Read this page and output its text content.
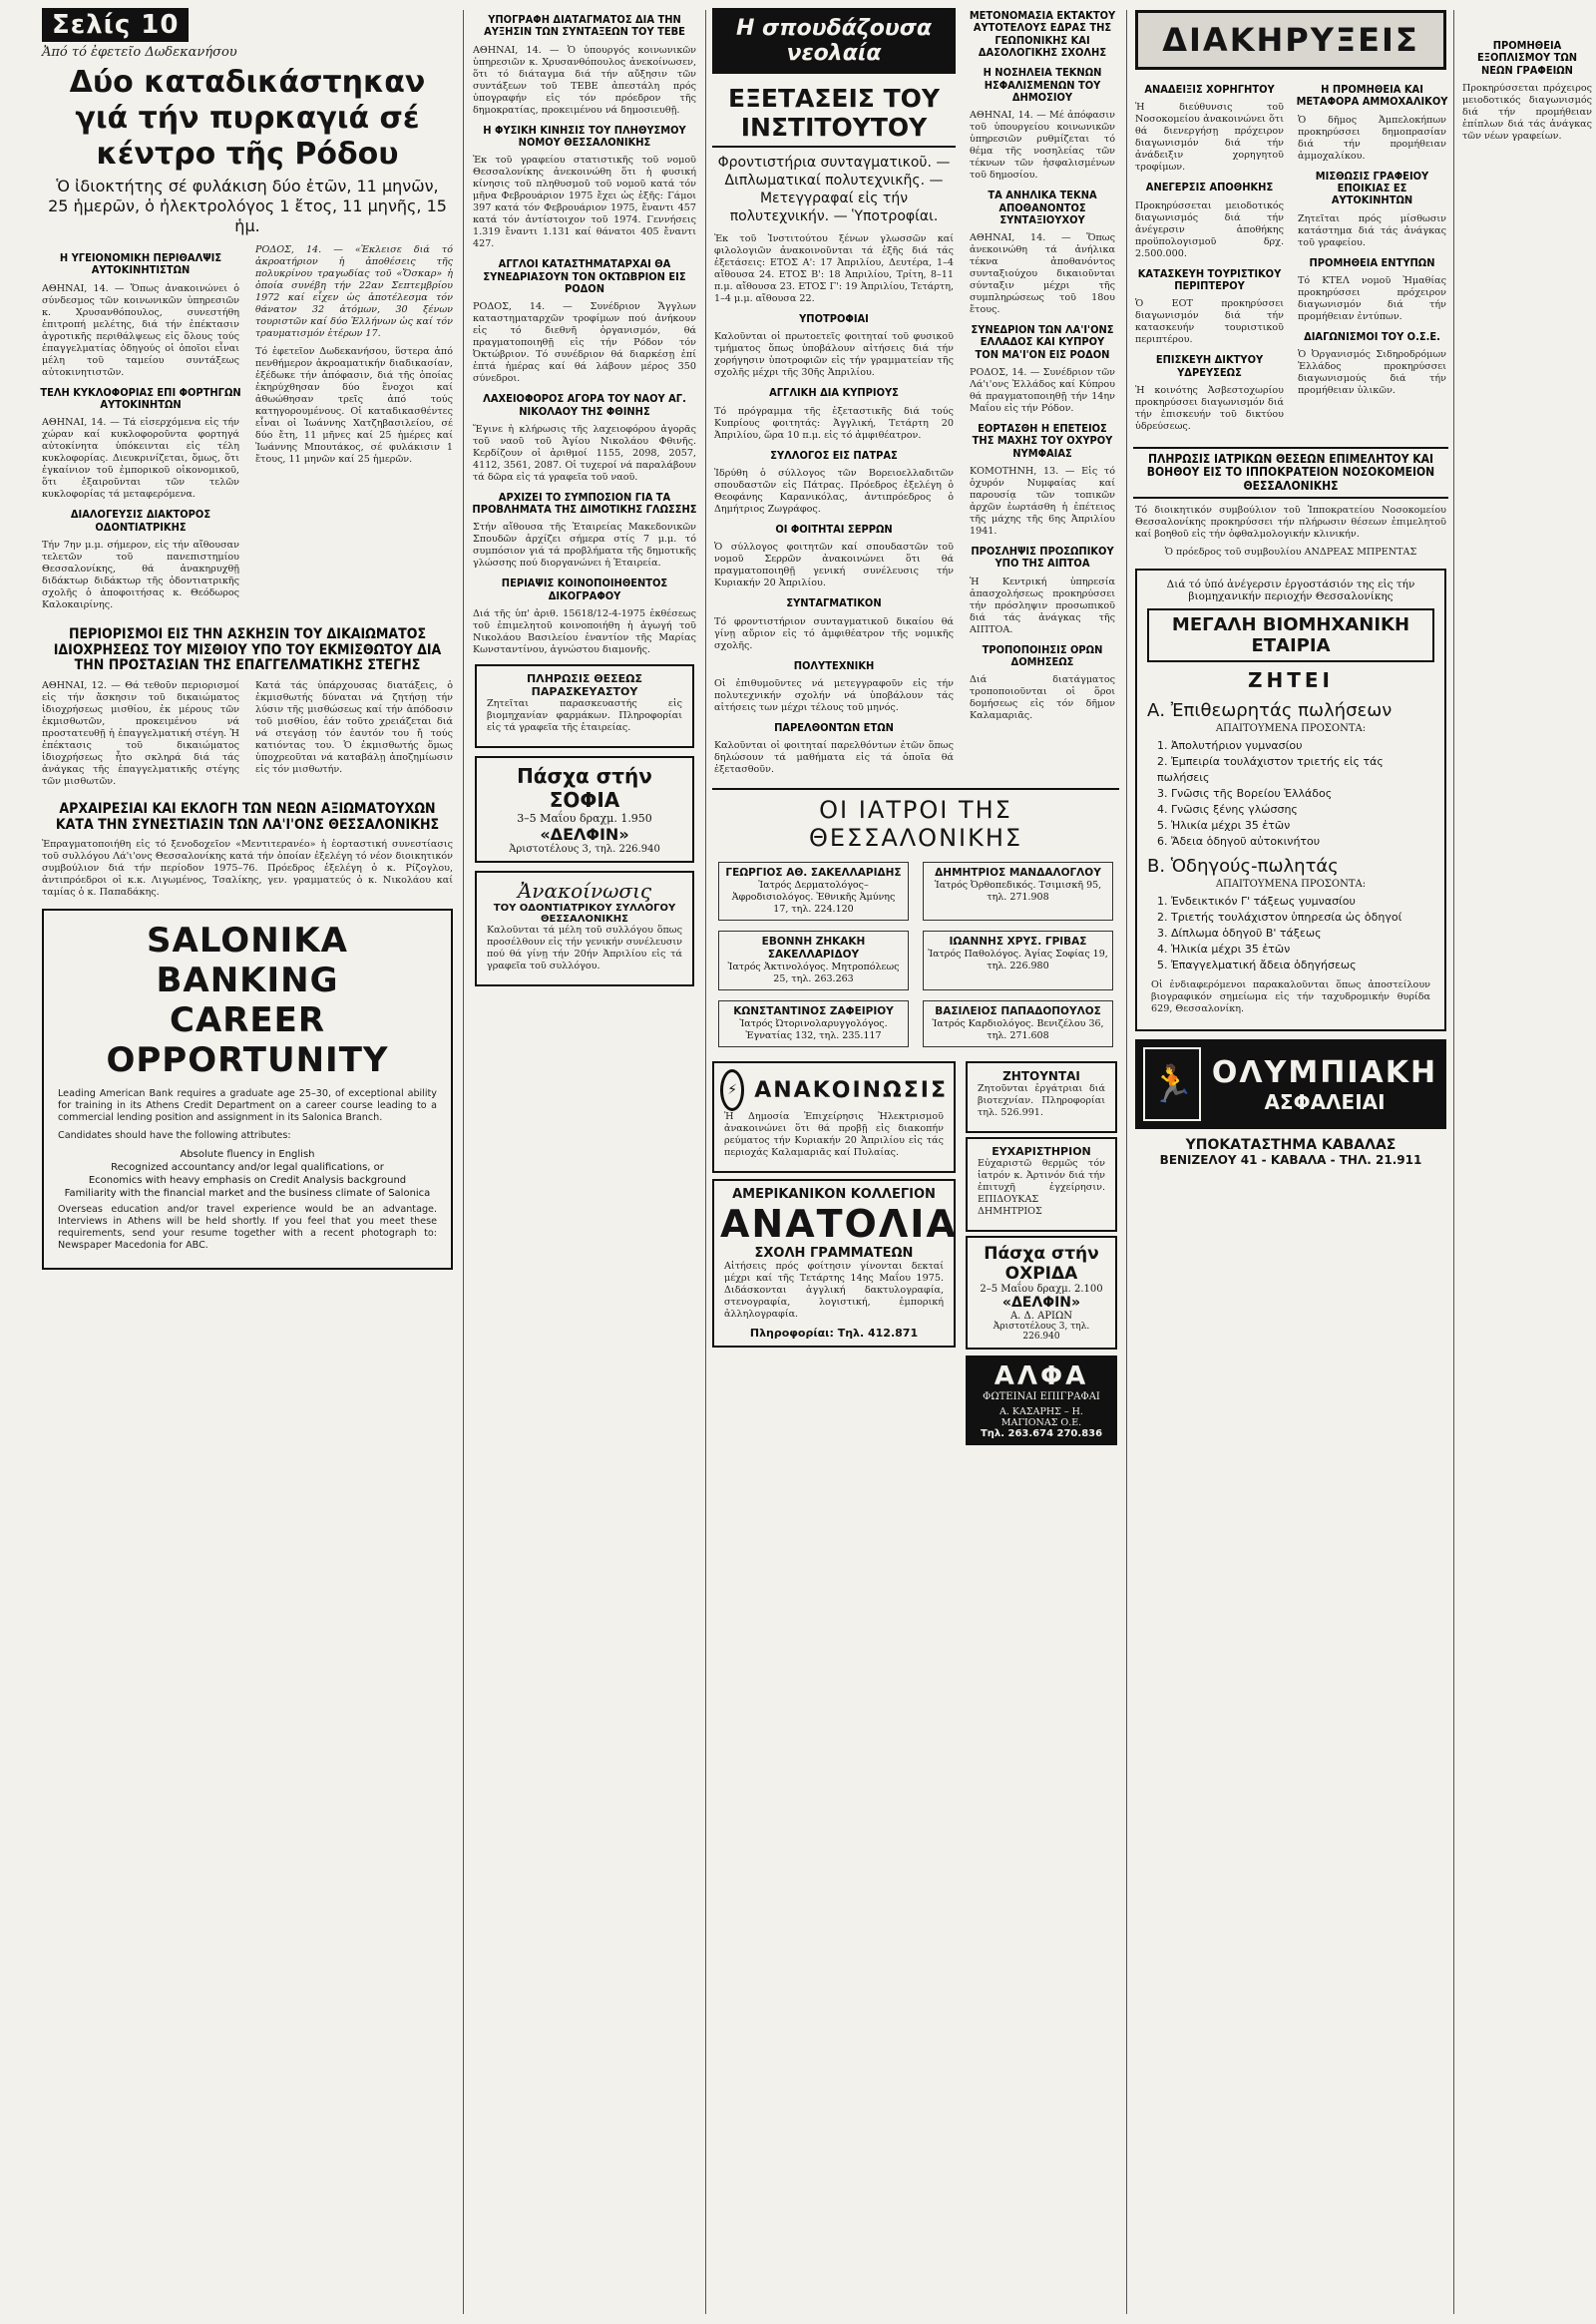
Σελίς 10
Ἀπό τό ἐφετεῖο Δωδεκανήσου
Δύο καταδικάστηκαν γιά τήν πυρκαγιά σέ κέντρο τῆς Ρόδου
Ὁ ἰδιοκτήτης σέ φυλάκιση δύο ἐτῶν, 11 μηνῶν, 25 ἡμερῶν, ὁ ἠλεκτρολόγος 1 ἔτος, 11 μηνῆς, 15 ἡμ.
Η ΥΓΕΙΟΝΟΜΙΚΗ ΠΕΡΙΘΑΛΨΙΣ ΑΥΤΟΚΙΝΗΤΙΣΤΩΝ

ΑΘΗΝΑΙ, 14. — Ὅπως ἀνακοινώνει ὁ σύνδεσμος τῶν κοινωνικῶν ὑπηρεσιῶν κ. Χρυσανθόπουλος, συνεστήθη ἐπιτροπή μελέτης, διά τήν ἐπέκτασιν ἀγροτικῆς περιθάλψεως εἰς ὅλους τούς ἐπαγγελματίας ὁδηγούς οἱ ὁποῖοι εἶναι μέλη τοῦ ταμείου συντάξεως αὐτοκινητιστῶν.

ΤΕΛΗ ΚΥΚΛΟΦΟΡΙΑΣ ΕΠΙ ΦΟΡΤΗΓΩΝ ΑΥΤΟΚΙΝΗΤΩΝ

ΑΘΗΝΑΙ, 14. — Τά εἰσερχόμενα εἰς τήν χώραν καί κυκλοφοροῦντα φορτηγά αὐτοκίνητα ὑπόκεινται εἰς τέλη κυκλοφορίας. Διευκρινίζεται, ὅμως, ὅτι ἐγκαίνιον τοῦ ἐμπορικοῦ οἰκονομικοῦ, ὅτι ἐξαιροῦνται τῶν τελῶν κυκλοφορίας τά μεταφερόμενα.

ΔΙΑΛΟΓΕΥΣΙΣ ΔΙΑΚΤΟΡΟΣ ΟΔΟΝΤΙΑΤΡΙΚΗΣ

Τήν 7ην μ.μ. σήμερον, εἰς τήν αἴθουσαν τελετῶν τοῦ πανεπιστημίου Θεσσαλονίκης, θά ἀνακηρυχθῇ διδάκτωρ διδάκτωρ τῆς ὀδοντιατρικῆς σχολῆς ὁ ἀποφοιτήσας κ. Θεόδωρος Καλοκαιρίνης.

ΡΟΔΟΣ, 14. — «Ἐκλεισε διά τό ἀκροατήριον ἡ ἀποθέσεις τῆς πολυκρίνου τραγωδίας τοῦ «Ὄσκαρ» ἡ ὁποία συνέβη τήν 22αν Σεπτεμβρίου 1972 καί εἶχεν ὡς ἀποτέλεσμα τόν θάνατον 32 ἀτόμων, 30 ξένων τουριστῶν καί δύο Ἑλλήνων ὡς καί τόν τραυματισμόν ἑτέρων 17.

Τό ἐφετεῖον Δωδεκανήσου, ὕστερα ἀπό πενθήμερον ἀκροαματικήν διαδικασίαν, ἐξέδωκε τήν ἀπόφασιν, διά τῆς ὁποίας ἐκηρύχθησαν δύο ἔνοχοι καί ἀθωώθησαν τρεῖς ἀπό τούς κατηγορουμένους. Οἱ καταδικασθέντες εἶναι οἱ Ἰωάννης Χατζηβασιλείου, σέ δύο ἔτη, 11 μῆνες καί 25 ἡμέρες καί Ἰωάννης Μπουτάκος, σέ φυλάκισιν 1 ἔτους, 11 μηνῶν καί 25 ἡμερῶν.

ΠΕΡΙΟΡΙΣΜΟΙ ΕΙΣ ΤΗΝ ΑΣΚΗΣΙΝ ΤΟΥ ΔΙΚΑΙΩΜΑΤΟΣ ΙΔΙΟΧΡΗΣΕΩΣ ΤΟΥ ΜΙΣΘΙΟΥ ΥΠΟ ΤΟΥ ΕΚΜΙΣΘΩΤΟΥ ΔΙΑ ΤΗΝ ΠΡΟΣΤΑΣΙΑΝ ΤΗΣ ΕΠΑΓΓΕΛΜΑΤΙΚΗΣ ΣΤΕΓΗΣ

ΑΘΗΝΑΙ, 12. — Θά τεθοῦν περιορισμοί εἰς τήν ἄσκησιν τοῦ δικαιώματος ἰδιοχρήσεως μισθίου, ἐκ μέρους τῶν ἐκμισθωτῶν, προκειμένου νά προστατευθῇ ἡ ἐπαγγελματική στέγη. Ἡ ἐπέκτασις τοῦ δικαιώματος ἰδιοχρήσεως ἦτο σκληρά διά τάς ἀνάγκας τῆς ἐπαγγελματικῆς στέγης τῶν μισθωτῶν.

Κατά τάς ὑπάρχουσας διατάξεις, ὁ ἐκμισθωτής δύναται νά ζητήσῃ τήν λύσιν τῆς μισθώσεως καί τήν ἀπόδοσιν τοῦ μισθίου, ἐάν τοῦτο χρειάζεται διά νά στεγάσῃ τόν ἑαυτόν του ἤ τούς κατιόντας του. Ὁ ἐκμισθωτής ὅμως ὑποχρεοῦται νά καταβάλῃ ἀποζημίωσιν εἰς τόν μισθωτήν.

ΑΡΧΑΙΡΕΣΙΑΙ ΚΑΙ ΕΚΛΟΓΗ ΤΩΝ ΝΕΩΝ ΑΞΙΩΜΑΤΟΥΧΩΝ ΚΑΤΑ ΤΗΝ ΣΥΝΕΣΤΙΑΣΙΝ ΤΩΝ ΛΑ'Ι'ΟΝΣ ΘΕΣΣΑΛΟΝΙΚΗΣ

Ἐπραγματοποιήθη εἰς τό ξενοδοχεῖον «Μεντιτερανέο» ἡ ἑορταστική συνεστίασις τοῦ συλλόγου Λά'ι'ονς Θεσσαλονίκης κατά τήν ὁποίαν ἐξελέγη τό νέον διοικητικόν συμβούλιον διά τήν περίοδον 1975–76. Πρόεδρος ἐξελέγη ὁ κ. Ρίζογλου, ἀντιπρόεδροι οἱ κ.κ. Λιγωμένος, Τσαλίκης, γεν. γραμματεύς ὁ κ. Νικολάου καί ταμίας ὁ κ. Παπαδάκης.

SALONIKA BANKING
CAREER OPPORTUNITY

Leading American Bank requires a graduate age 25–30, of exceptional ability for training in its Athens Credit Department on a career course leading to a commercial lending position and assignment in its Salonica Branch.

Candidates should have the following attributes:

Absolute fluency in English
Recognized accountancy and/or legal qualifications, or
Economics with heavy emphasis on Credit Analysis background
Familiarity with the financial market and the business climate of Salonica

Overseas education and/or travel experience would be an advantage. Interviews in Athens will be held shortly. If you feel that you meet these requirements, send your resume together with a recent photograph to: Newspaper Macedonia for ABC.

ΥΠΟΓΡΑΦΗ ΔΙΑΤΑΓΜΑΤΟΣ ΔΙΑ ΤΗΝ ΑΥΞΗΣΙΝ ΤΩΝ ΣΥΝΤΑΞΕΩΝ ΤΟΥ ΤΕΒΕ

ΑΘΗΝΑΙ, 14. — Ὁ ὑπουργός κοινωνικῶν ὑπηρεσιῶν κ. Χρυσανθόπουλος ἀνεκοίνωσεν, ὅτι τό διάταγμα διά τήν αὔξησιν τῶν συντάξεων τοῦ ΤΕΒΕ ἀπεστάλη πρός ὑπογραφήν εἰς τόν πρόεδρον τῆς δημοκρατίας, προκειμένου νά δημοσιευθῇ.

Η ΦΥΣΙΚΗ ΚΙΝΗΣΙΣ ΤΟΥ ΠΛΗΘΥΣΜΟΥ ΝΟΜΟΥ ΘΕΣΣΑΛΟΝΙΚΗΣ

Ἐκ τοῦ γραφείου στατιστικῆς τοῦ νομοῦ Θεσσαλονίκης ἀνεκοινώθη ὅτι ἡ φυσική κίνησις τοῦ πληθυσμοῦ τοῦ νομοῦ κατά τόν μῆνα Φεβρουάριον 1975 ἔχει ὡς ἑξῆς: Γάμοι 397 κατά τόν Φεβρουάριον 1975, ἔναντι 457 κατά τόν ἀντίστοιχον τοῦ 1974. Γεννήσεις 1.319 ἔναντι 1.131 καί θάνατοι 405 ἔναντι 427.

ΑΓΓΛΟΙ ΚΑΤΑΣΤΗΜΑΤΑΡΧΑΙ ΘΑ ΣΥΝΕΔΡΙΑΣΟΥΝ ΤΟΝ ΟΚΤΩΒΡΙΟΝ ΕΙΣ ΡΟΔΟΝ

ΡΟΔΟΣ, 14. — Συνέδριον Ἄγγλων καταστηματαρχῶν τροφίμων πού ἀνήκουν εἰς τό διεθνῆ ὀργανισμόν, θά πραγματοποιηθῇ εἰς τήν Ρόδον τόν Ὀκτώβριον. Τό συνέδριον θά διαρκέσῃ ἐπί ἑπτά ἡμέρας καί θά λάβουν μέρος 350 σύνεδροι.

ΛΑΧΕΙΟΦΟΡΟΣ ΑΓΟΡΑ ΤΟΥ ΝΑΟΥ ΑΓ. ΝΙΚΟΛΑΟΥ ΤΗΣ ΦΘΙΝΗΣ

Ἔγινε ἡ κλήρωσις τῆς λαχειοφόρου ἀγορᾶς τοῦ ναοῦ τοῦ Ἁγίου Νικολάου Φθινῆς. Κερδίζουν οἱ ἀριθμοί 1155, 2098, 2057, 4112, 3561, 2087. Οἱ τυχεροί νά παραλάβουν τά δῶρα εἰς τά γραφεῖα τοῦ ναοῦ.

ΑΡΧΙΖΕΙ ΤΟ ΣΥΜΠΟΣΙΟΝ ΓΙΑ ΤΑ ΠΡΟΒΛΗΜΑΤΑ ΤΗΣ ΔΙΜΟΤΙΚΗΣ ΓΛΩΣΣΗΣ

Στήν αἴθουσα τῆς Ἑταιρείας Μακεδονικῶν Σπουδῶν ἀρχίζει σήμερα στίς 7 μ.μ. τό συμπόσιον γιά τά προβλήματα τῆς δημοτικῆς γλώσσης πού διοργανώνει ἡ Ἑταιρεία.

ΠΕΡΙΑΨΙΣ ΚΟΙΝΟΠΟΙΗΘΕΝΤΟΣ ΔΙΚΟΓΡΑΦΟΥ

Διά τῆς ὑπ' ἀριθ. 15618/12-4-1975 ἐκθέσεως τοῦ ἐπιμελητοῦ κοινοποιήθη ἡ ἀγωγή τοῦ Νικολάου Βασιλείου ἐναντίον τῆς Μαρίας Κωνσταντίνου, ἀγνώστου διαμονῆς.

ΠΛΗΡΩΣΙΣ ΘΕΣΕΩΣ ΠΑΡΑΣΚΕΥΑΣΤΟΥ

Ζητεῖται παρασκευαστής εἰς βιομηχανίαν φαρμάκων. Πληροφορίαι εἰς τά γραφεῖα τῆς ἑταιρείας.

Πάσχα στήν ΣΟΦΙΑ
3–5 Μαΐου δραχμ. 1.950
«ΔΕΛΦΙΝ»
Ἀριστοτέλους 3, τηλ. 226.940
Ἀνακοίνωσις
ΤΟΥ ΟΔΟΝΤΙΑΤΡΙΚΟΥ ΣΥΛΛΟΓΟΥ ΘΕΣΣΑΛΟΝΙΚΗΣ

Καλοῦνται τά μέλη τοῦ συλλόγου ὅπως προσέλθουν εἰς τήν γενικήν συνέλευσιν πού θά γίνῃ τήν 20ήν Ἀπριλίου εἰς τά γραφεῖα τοῦ συλλόγου.

Η σπουδάζουσα νεολαία
ΕΞΕΤΑΣΕΙΣ ΤΟΥ ΙΝΣΤΙΤΟΥΤΟΥ
Φροντιστήρια συνταγματικοῦ. — Διπλωματικαί πολυτεχνικῆς. — Μετεγγραφαί εἰς τήν πολυτεχνικήν. — Ὑποτροφίαι.

Ἐκ τοῦ Ἰνστιτούτου ξένων γλωσσῶν καί φιλολογιῶν ἀνακοινοῦνται τά ἑξῆς διά τάς ἐξετάσεις: ΕΤΟΣ Α': 17 Ἀπριλίου, Δευτέρα, 1–4 αἴθουσα 24. ΕΤΟΣ Β': 18 Ἀπριλίου, Τρίτη, 8–11 π.μ. αἴθουσα 23. ΕΤΟΣ Γ': 19 Ἀπριλίου, Τετάρτη, 1–4 μ.μ. αἴθουσα 22.

ΥΠΟΤΡΟΦΙΑΙ

Καλοῦνται οἱ πρωτοετεῖς φοιτηταί τοῦ φυσικοῦ τμήματος ὅπως ὑποβάλουν αἰτήσεις διά τήν χορήγησιν ὑποτροφιῶν εἰς τήν γραμματείαν τῆς σχολῆς μέχρι τῆς 30ῆς Ἀπριλίου.

ΑΓΓΛΙΚΗ ΔΙΑ ΚΥΠΡΙΟΥΣ

Τό πρόγραμμα τῆς ἑξεταστικῆς διά τούς Κυπρίους φοιτητάς: Ἀγγλική, Τετάρτη 20 Ἀπριλίου, ὥρα 10 π.μ. εἰς τό ἀμφιθέατρον.

ΣΥΛΛΟΓΟΣ ΕΙΣ ΠΑΤΡΑΣ

Ἱδρύθη ὁ σύλλογος τῶν Βορειοελλαδιτῶν σπουδαστῶν εἰς Πάτρας. Πρόεδρος ἐξελέγη ὁ Θεοφάνης Καρανικόλας, ἀντιπρόεδρος ὁ Δημήτριος Ζωγράφος.

ΟΙ ΦΟΙΤΗΤΑΙ ΣΕΡΡΩΝ

Ὁ σύλλογος φοιτητῶν καί σπουδαστῶν τοῦ νομοῦ Σερρῶν ἀνακοινώνει ὅτι θά πραγματοποιηθῇ γενική συνέλευσις τήν Κυριακήν 20 Ἀπριλίου.

ΣΥΝΤΑΓΜΑΤΙΚΟΝ

Τό φροντιστήριον συνταγματικοῦ δικαίου θά γίνῃ αὔριον εἰς τό ἀμφιθέατρον τῆς νομικῆς σχολῆς.

ΠΟΛΥΤΕΧΝΙΚΗ

Οἱ ἐπιθυμοῦντες νά μετεγγραφοῦν εἰς τήν πολυτεχνικήν σχολήν νά ὑποβάλουν τάς αἰτήσεις των μέχρι τέλους τοῦ μηνός.

ΠΑΡΕΛΘΟΝΤΩΝ ΕΤΩΝ

Καλοῦνται οἱ φοιτηταί παρελθόντων ἐτῶν ὅπως δηλώσουν τά μαθήματα εἰς τά ὁποῖα θά ἐξετασθοῦν.

ΜΕΤΟΝΟΜΑΣΙΑ ΕΚΤΑΚΤΟΥ ΑΥΤΟΤΕΛΟΥΣ ΕΔΡΑΣ ΤΗΣ ΓΕΩΠΟΝΙΚΗΣ ΚΑΙ ΔΑΣΟΛΟΓΙΚΗΣ ΣΧΟΛΗΣ
Η ΝΟΣΗΛΕΙΑ ΤΕΚΝΩΝ ΗΣΦΑΛΙΣΜΕΝΩΝ ΤΟΥ ΔΗΜΟΣΙΟΥ

ΑΘΗΝΑΙ, 14. — Μέ ἀπόφασιν τοῦ ὑπουργείου κοινωνικῶν ὑπηρεσιῶν ρυθμίζεται τό θέμα τῆς νοσηλείας τῶν τέκνων τῶν ἠσφαλισμένων τοῦ δημοσίου.

ΤΑ ΑΝΗΛΙΚΑ ΤΕΚΝΑ ΑΠΟΘΑΝΟΝΤΟΣ ΣΥΝΤΑΞΙΟΥΧΟΥ

ΑΘΗΝΑΙ, 14. — Ὅπως ἀνεκοινώθη τά ἀνήλικα τέκνα ἀποθανόντος συνταξιούχου δικαιοῦνται σύνταξιν μέχρι τῆς συμπληρώσεως τοῦ 18ου ἔτους.

ΣΥΝΕΔΡΙΟΝ ΤΩΝ ΛΑ'Ι'ΟΝΣ ΕΛΛΑΔΟΣ ΚΑΙ ΚΥΠΡΟΥ ΤΟΝ ΜΑ'Ι'ΟΝ ΕΙΣ ΡΟΔΟΝ

ΡΟΔΟΣ, 14. — Συνέδριον τῶν Λά'ι'ονς Ἑλλάδος καί Κύπρου θά πραγματοποιηθῇ τήν 14ην Μαΐου εἰς τήν Ρόδον.

ΕΟΡΤΑΣΘΗ Η ΕΠΕΤΕΙΟΣ ΤΗΣ ΜΑΧΗΣ ΤΟΥ ΟΧΥΡΟΥ ΝΥΜΦΑΙΑΣ

ΚΟΜΟΤΗΝΗ, 13. — Εἰς τό ὀχυρόν Νυμφαίας καί παρουσίᾳ τῶν τοπικῶν ἀρχῶν ἑωρτάσθη ἡ ἐπέτειος τῆς μάχης τῆς 6ης Ἀπριλίου 1941.

ΠΡΟΣΛΗΨΙΣ ΠΡΟΣΩΠΙΚΟΥ ΥΠΟ ΤΗΣ ΑΙΠΤΟΑ

Ἡ Κεντρική ὑπηρεσία ἀπασχολήσεως προκηρύσσει τήν πρόσληψιν προσωπικοῦ διά τάς ἀνάγκας τῆς ΑΙΠΤΟΑ.

ΤΡΟΠΟΠΟΙΗΣΙΣ ΟΡΩΝ ΔΟΜΗΣΕΩΣ

Διά διατάγματος τροποποιοῦνται οἱ ὅροι δομήσεως εἰς τόν δῆμον Καλαμαριᾶς.

ΟΙ ΙΑΤΡΟΙ ΤΗΣ ΘΕΣΣΑΛΟΝΙΚΗΣ
ΓΕΩΡΓΙΟΣ ΑΘ. ΣΑΚΕΛΛΑΡΙΔΗΣ
Ἰατρός Δερματολόγος–Ἀφροδισιολόγος. Ἐθνικῆς Ἀμύνης 17, τηλ. 224.120
ΔΗΜΗΤΡΙΟΣ ΜΑΝΔΑΛΟΓΛΟΥ
Ἰατρός Ὀρθοπεδικός. Τσιμισκῆ 95, τηλ. 271.908
ΕΒΟΝΝΗ ΖΗΚΑΚΗ ΣΑΚΕΛΛΑΡΙΔΟΥ
Ἰατρός Ἀκτινολόγος. Μητροπόλεως 25, τηλ. 263.263
ΙΩΑΝΝΗΣ ΧΡΥΣ. ΓΡΙΒΑΣ
Ἰατρός Παθολόγος. Ἁγίας Σοφίας 19, τηλ. 226.980
ΚΩΝΣΤΑΝΤΙΝΟΣ ΖΑΦΕΙΡΙΟΥ
Ἰατρός Ὠτορινολαρυγγολόγος. Ἐγνατίας 132, τηλ. 235.117
ΒΑΣΙΛΕΙΟΣ ΠΑΠΑΔΟΠΟΥΛΟΣ
Ἰατρός Καρδιολόγος. Βενιζέλου 36, τηλ. 271.608
⚡ ΑΝΑΚΟΙΝΩΣΙΣ

Ἡ Δημοσία Ἐπιχείρησις Ἠλεκτρισμοῦ ἀνακοινώνει ὅτι θά προβῇ εἰς διακοπήν ρεύματος τήν Κυριακήν 20 Ἀπριλίου εἰς τάς περιοχάς Καλαμαριᾶς καί Πυλαίας.

ΑΜΕΡΙΚΑΝΙΚΟΝ ΚΟΛΛΕΓΙΟΝ
ΑΝΑΤΟΛΙΑ
ΣΧΟΛΗ ΓΡΑΜΜΑΤΕΩΝ

Αἰτήσεις πρός φοίτησιν γίνονται δεκταί μέχρι καί τῆς Τετάρτης 14ης Μαΐου 1975. Διδάσκονται ἀγγλική δακτυλογραφία, στενογραφία, λογιστική, ἐμπορική ἀλληλογραφία.

Πληροφορίαι: Τηλ. 412.871
ΖΗΤΟΥΝΤΑΙ

Ζητοῦνται ἐργάτριαι διά βιοτεχνίαν. Πληροφορίαι τηλ. 526.991.

ΕΥΧΑΡΙΣΤΗΡΙΟΝ

Εὐχαριστῶ θερμῶς τόν ἰατρόν κ. Ἀρτινόν διά τήν ἐπιτυχῆ ἐγχείρησιν. ΕΠΙΔΟΥΚΑΣ ΔΗΜΗΤΡΙΟΣ

Πάσχα στήν ΟΧΡΙΔΑ
2–5 Μαΐου δραχμ. 2.100
«ΔΕΛΦΙΝ»
Α. Δ. ΑΡΙΩΝ
Ἀριστοτέλους 3, τηλ. 226.940
ΑΛΦΑ
ΦΩΤΕΙΝΑΙ ΕΠΙΓΡΑΦΑΙ
Α. ΚΑΣΑΡΗΣ – Η. ΜΑΓΙΟΝΑΣ Ο.Ε.
Τηλ. 263.674 270.836
ΔΙΑΚΗΡΥΞΕΙΣ
ΑΝΑΔΕΙΞΙΣ ΧΟΡΗΓΗΤΟΥ

Ἡ διεύθυνσις τοῦ Νοσοκομείου ἀνακοινώνει ὅτι θά διενεργήσῃ πρόχειρον διαγωνισμόν διά τήν ἀνάδειξιν χορηγητοῦ τροφίμων.

ΑΝΕΓΕΡΣΙΣ ΑΠΟΘΗΚΗΣ

Προκηρύσσεται μειοδοτικός διαγωνισμός διά τήν ἀνέγερσιν ἀποθήκης προϋπολογισμοῦ δρχ. 2.500.000.

ΚΑΤΑΣΚΕΥΗ ΤΟΥΡΙΣΤΙΚΟΥ ΠΕΡΙΠΤΕΡΟΥ

Ὁ ΕΟΤ προκηρύσσει διαγωνισμόν διά τήν κατασκευήν τουριστικοῦ περιπτέρου.

ΕΠΙΣΚΕΥΗ ΔΙΚΤΥΟΥ ΥΔΡΕΥΣΕΩΣ

Ἡ κοινότης Ἀσβεστοχωρίου προκηρύσσει διαγωνισμόν διά τήν ἐπισκευήν τοῦ δικτύου ὑδρεύσεως.

Η ΠΡΟΜΗΘΕΙΑ ΚΑΙ ΜΕΤΑΦΟΡΑ ΑΜΜΟΧΑΛΙΚΟΥ

Ὁ δῆμος Ἀμπελοκήπων προκηρύσσει δημοπρασίαν διά τήν προμήθειαν ἀμμοχαλίκου.

ΜΙΣΘΩΣΙΣ ΓΡΑΦΕΙΟΥ ΕΠΟΙΚΙΑΣ ΕΣ ΑΥΤΟΚΙΝΗΤΩΝ

Ζητεῖται πρός μίσθωσιν κατάστημα διά τάς ἀνάγκας τοῦ γραφείου.

ΠΡΟΜΗΘΕΙΑ ΕΝΤΥΠΩΝ

Τό ΚΤΕΛ νομοῦ Ἡμαθίας προκηρύσσει πρόχειρον διαγωνισμόν διά τήν προμήθειαν ἐντύπων.

ΔΙΑΓΩΝΙΣΜΟΙ ΤΟΥ Ο.Σ.Ε.

Ὁ Ὀργανισμός Σιδηροδρόμων Ἑλλάδος προκηρύσσει διαγωνισμούς διά τήν προμήθειαν ὑλικῶν.

ΠΛΗΡΩΣΙΣ ΙΑΤΡΙΚΩΝ ΘΕΣΕΩΝ ΕΠΙΜΕΛΗΤΟΥ ΚΑΙ ΒΟΗΘΟΥ ΕΙΣ ΤΟ ΙΠΠΟΚΡΑΤΕΙΟΝ ΝΟΣΟΚΟΜΕΙΟΝ ΘΕΣΣΑΛΟΝΙΚΗΣ

Τό διοικητικόν συμβούλιον τοῦ Ἱπποκρατείου Νοσοκομείου Θεσσαλονίκης προκηρύσσει τήν πλήρωσιν θέσεων ἐπιμελητοῦ καί βοηθοῦ εἰς τήν ὀφθαλμολογικήν κλινικήν.

Ὁ πρόεδρος τοῦ συμβουλίου ΑΝΔΡΕΑΣ ΜΠΡΕΝΤΑΣ

Διά τό ὑπό ἀνέγερσιν ἐργοστάσιόν της εἰς τήν βιομηχανικήν περιοχήν Θεσσαλονίκης
ΜΕΓΑΛΗ ΒΙΟΜΗΧΑΝΙΚΗ ΕΤΑΙΡΙΑ
ΖΗΤΕΙ
Α. Ἐπιθεωρητάς πωλήσεων
ΑΠΑΙΤΟΥΜΕΝΑ ΠΡΟΣΟΝΤΑ:
1. Ἀπολυτήριον γυμνασίου
2. Ἐμπειρία τουλάχιστον τριετής εἰς τάς πωλήσεις
3. Γνῶσις τῆς Βορείου Ἑλλάδος
4. Γνῶσις ξένης γλώσσης
5. Ἡλικία μέχρι 35 ἐτῶν
6. Ἄδεια ὁδηγοῦ αὐτοκινήτου
Β. Ὁδηγούς-πωλητάς
ΑΠΑΙΤΟΥΜΕΝΑ ΠΡΟΣΟΝΤΑ:
1. Ἐνδεικτικόν Γ' τάξεως γυμνασίου
2. Τριετής τουλάχιστον ὑπηρεσία ὡς ὁδηγοί
3. Δίπλωμα ὁδηγοῦ Β' τάξεως
4. Ἡλικία μέχρι 35 ἐτῶν
5. Ἐπαγγελματική ἄδεια ὁδηγήσεως

Οἱ ἐνδιαφερόμενοι παρακαλοῦνται ὅπως ἀποστείλουν βιογραφικόν σημείωμα εἰς τήν ταχυδρομικήν θυρίδα 629, Θεσσαλονίκη.

🏃 ΟΛΥΜΠΙΑΚΗ
ΑΣΦΑΛΕΙΑΙ
ΥΠΟΚΑΤΑΣΤΗΜΑ ΚΑΒΑΛΑΣ
ΒΕΝΙΖΕΛΟΥ 41 - ΚΑΒΑΛΑ - ΤΗΛ. 21.911
ΠΡΟΜΗΘΕΙΑ ΕΞΟΠΛΙΣΜΟΥ ΤΩΝ ΝΕΩΝ ΓΡΑΦΕΙΩΝ

Προκηρύσσεται πρόχειρος μειοδοτικός διαγωνισμός διά τήν προμήθειαν ἐπίπλων διά τάς ἀνάγκας τῶν νέων γραφείων.
